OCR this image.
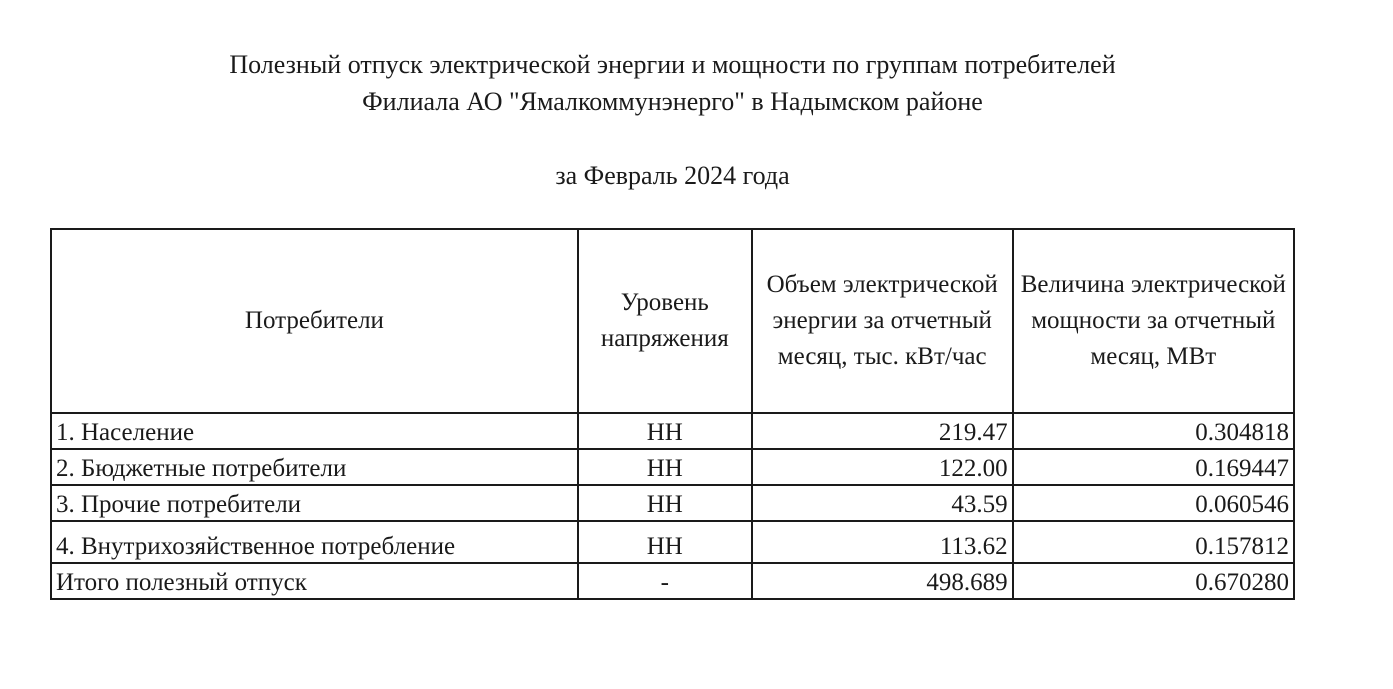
Полезный отпуск электрической энергии и мощности по группам потребителей
Филиала АО "Ямалкоммунэнерго" в Надымском районе
за Февраль 2024 года
Потребители	Уровень напряжения	Объем электрической энергии за отчетный месяц, тыс. кВт/час	Величина электрической мощности за отчетный месяц, МВт
1. Население	НН	219.47	0.304818
2. Бюджетные потребители	НН	122.00	0.169447
3. Прочие потребители	НН	43.59	0.060546
4. Внутрихозяйственное потребление	НН	113.62	0.157812
Итого полезный отпуск	-	498.689	0.670280
